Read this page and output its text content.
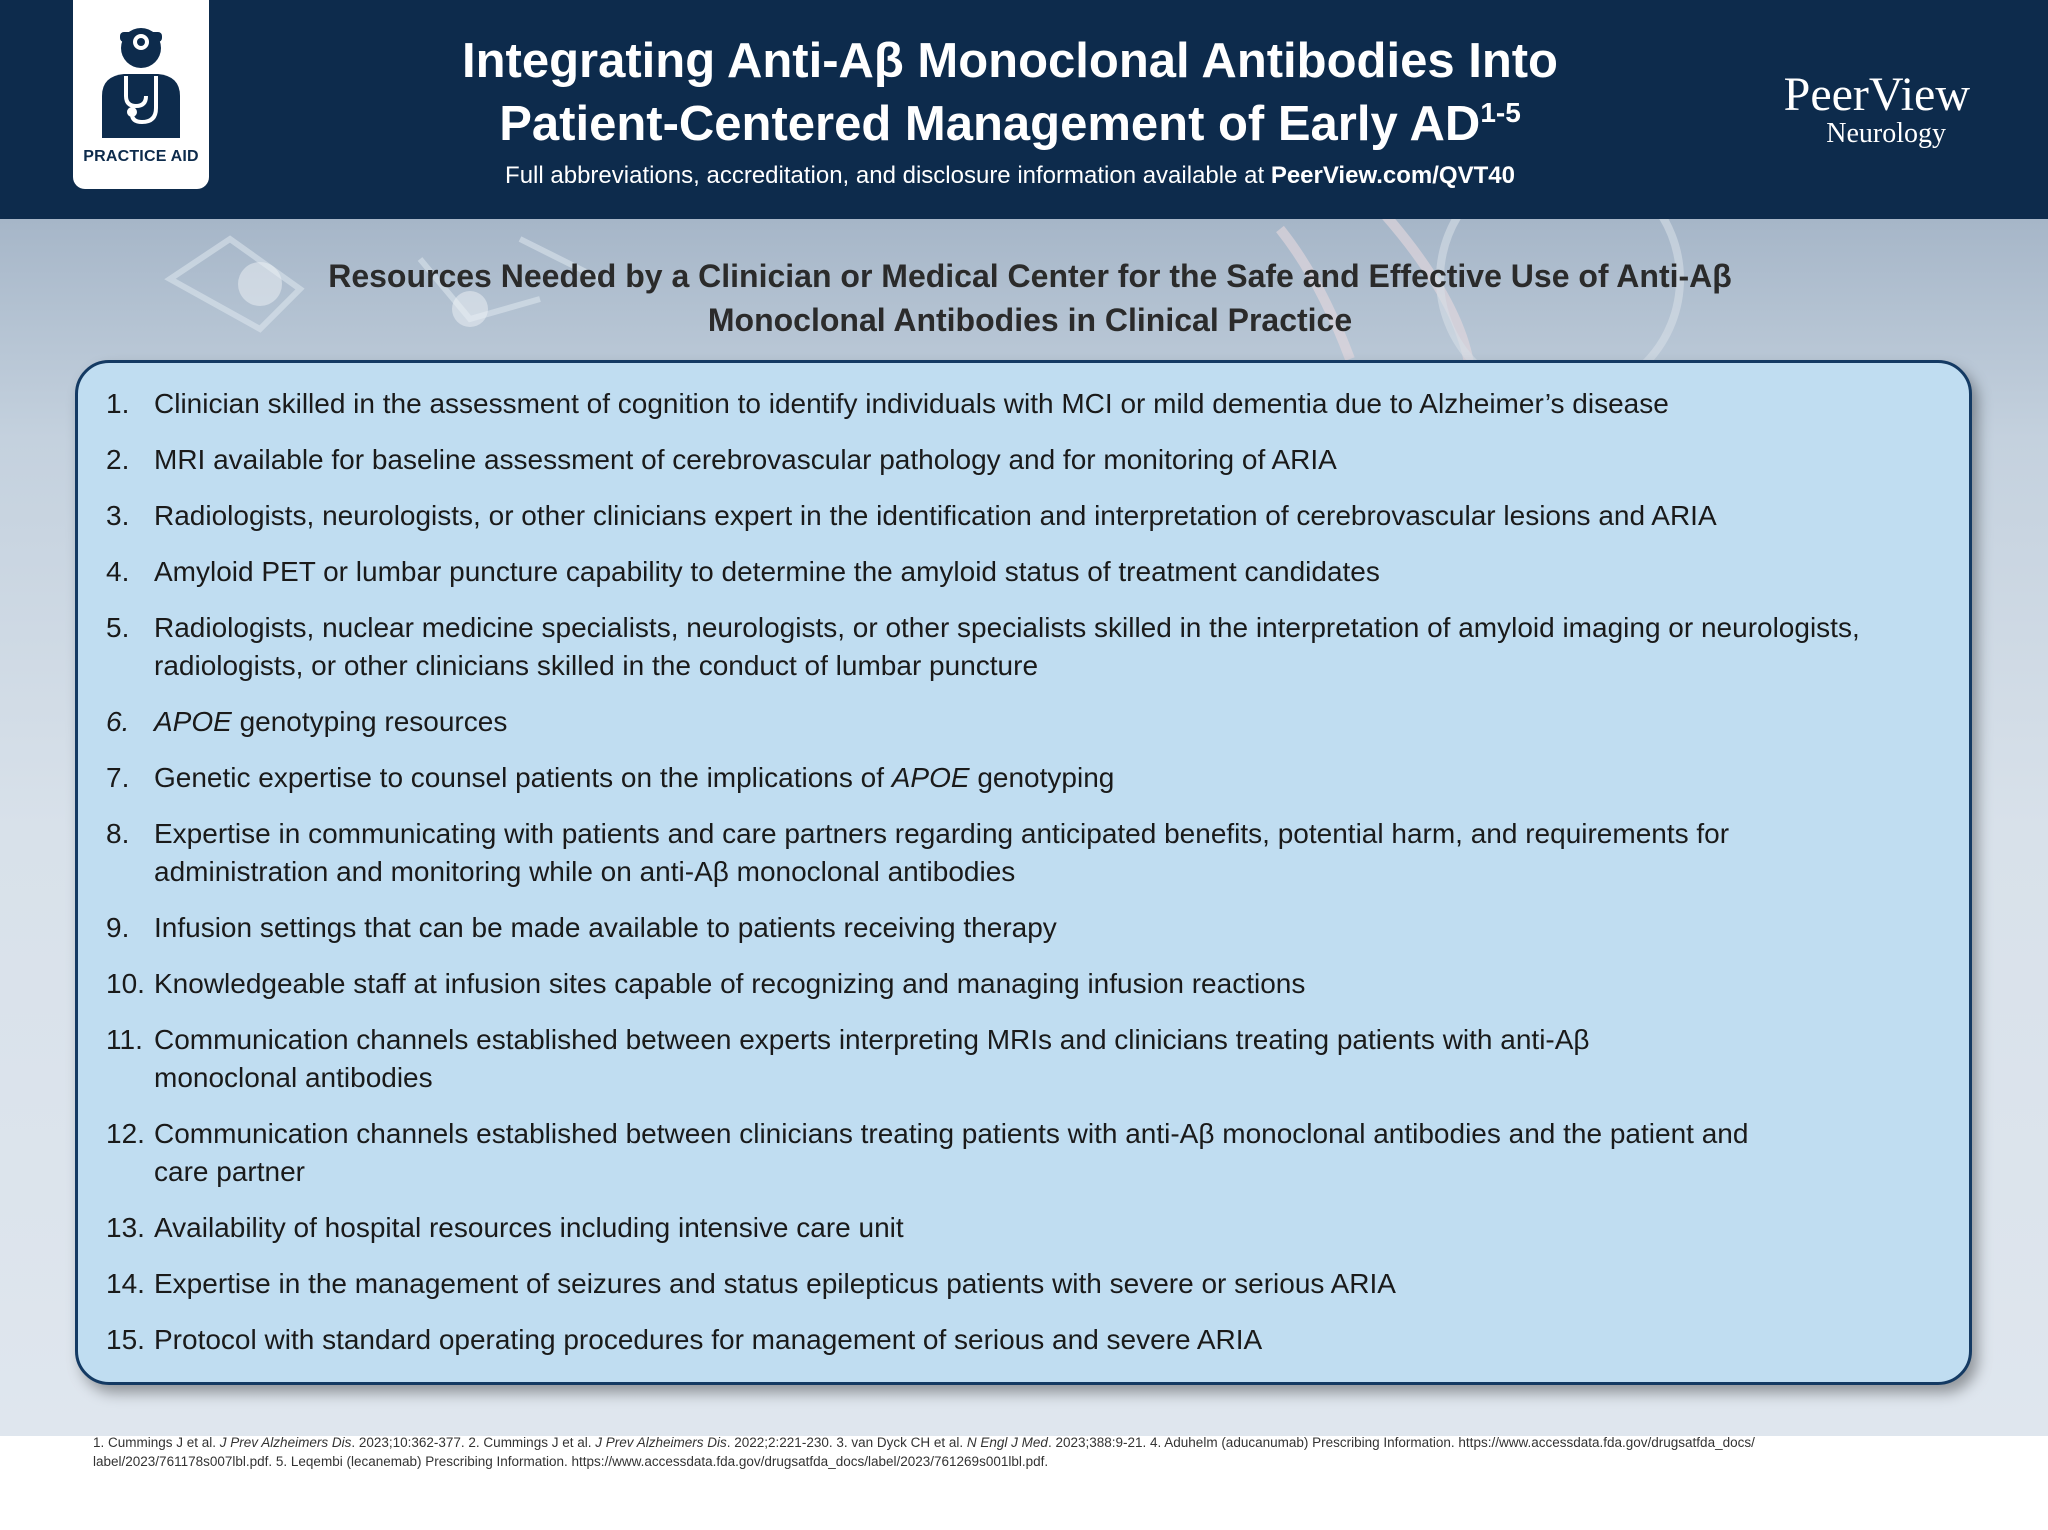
PRACTICE AID
Integrating Anti-Aβ Monoclonal Antibodies Into
Patient-Centered Management of Early AD$^{1-5}$
Full abbreviations, accreditation, and disclosure information available at PeerView.com/QVT40
PeerView
Neurology
Resources Needed by a Clinician or Medical Center for the Safe and Effective Use of Anti-Aβ
Monoclonal Antibodies in Clinical Practice
1. Clinician skilled in the assessment of cognition to identify individuals with MCI or mild dementia due to Alzheimer’s disease
2. MRI available for baseline assessment of cerebrovascular pathology and for monitoring of ARIA
3. Radiologists, neurologists, or other clinicians expert in the identification and interpretation of cerebrovascular lesions and ARIA
4. Amyloid PET or lumbar puncture capability to determine the amyloid status of treatment candidates
5. Radiologists, nuclear medicine specialists, neurologists, or other specialists skilled in the interpretation of amyloid imaging or neurologists,
radiologists, or other clinicians skilled in the conduct of lumbar puncture
6. APOE genotyping resources
7. Genetic expertise to counsel patients on the implications of APOE genotyping
8. Expertise in communicating with patients and care partners regarding anticipated benefits, potential harm, and requirements for
administration and monitoring while on anti-Aβ monoclonal antibodies
9. Infusion settings that can be made available to patients receiving therapy
10. Knowledgeable staff at infusion sites capable of recognizing and managing infusion reactions
11. Communication channels established between experts interpreting MRIs and clinicians treating patients with anti-Aβ
monoclonal antibodies
12. Communication channels established between clinicians treating patients with anti-Aβ monoclonal antibodies and the patient and
care partner
13. Availability of hospital resources including intensive care unit
14. Expertise in the management of seizures and status epilepticus patients with severe or serious ARIA
15. Protocol with standard operating procedures for management of serious and severe ARIA
1. Cummings J et al. J Prev Alzheimers Dis. 2023;10:362-377. 2. Cummings J et al. J Prev Alzheimers Dis. 2022;2:221-230. 3. van Dyck CH et al. N Engl J Med. 2023;388:9-21. 4. Aduhelm (aducanumab) Prescribing Information. https://www.accessdata.fda.gov/drugsatfda_docs/
label/2023/761178s007lbl.pdf. 5. Leqembi (lecanemab) Prescribing Information. https://www.accessdata.fda.gov/drugsatfda_docs/label/2023/761269s001lbl.pdf.
